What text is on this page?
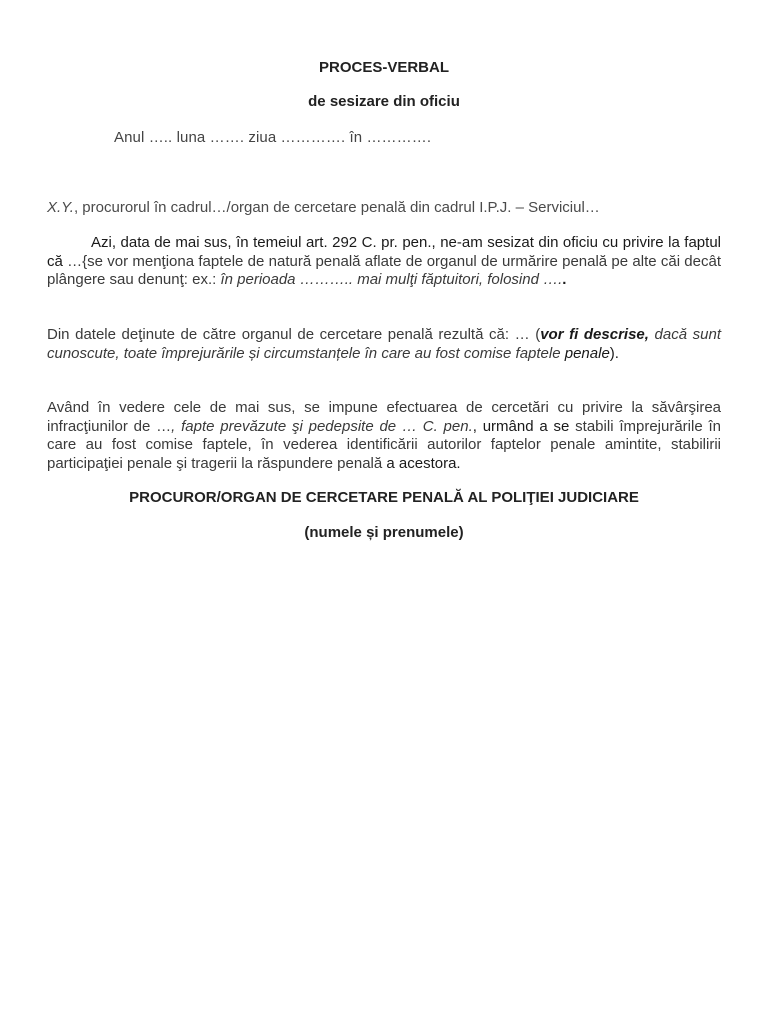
PROCES-VERBAL
de sesizare din oficiu
Anul ….. luna ……. ziua …………. în ………….
X.Y., procurorul în cadrul…/organ de cercetare penală din cadrul I.P.J. – Serviciul…
Azi, data de mai sus, în temeiul art. 292 C. pr. pen., ne-am sesizat din oficiu cu privire la faptul că …{se vor menţiona faptele de natură penală aflate de organul de urmărire penală pe alte căi decât plângere sau denunţ: ex.: în perioada ……….. mai mulţi făptuitori, folosind …..
Din datele deţinute de către organul de cercetare penală rezultă că: … (vor fi descrise, dacă sunt cunoscute, toate împrejurările și circumstanțele în care au fost comise faptele penale).
Având în vedere cele de mai sus, se impune efectuarea de cercetări cu privire la săvârşirea infracţiunilor de …, fapte prevăzute şi pedepsite de … C. pen., urmând a se stabili împrejurările în care au fost comise faptele, în vederea identificării autorilor faptelor penale amintite, stabilirii participaţiei penale şi tragerii la răspundere penală a acestora.
PROCUROR/ORGAN DE CERCETARE PENALĂ AL POLIŢIEI JUDICIARE
(numele și prenumele)
